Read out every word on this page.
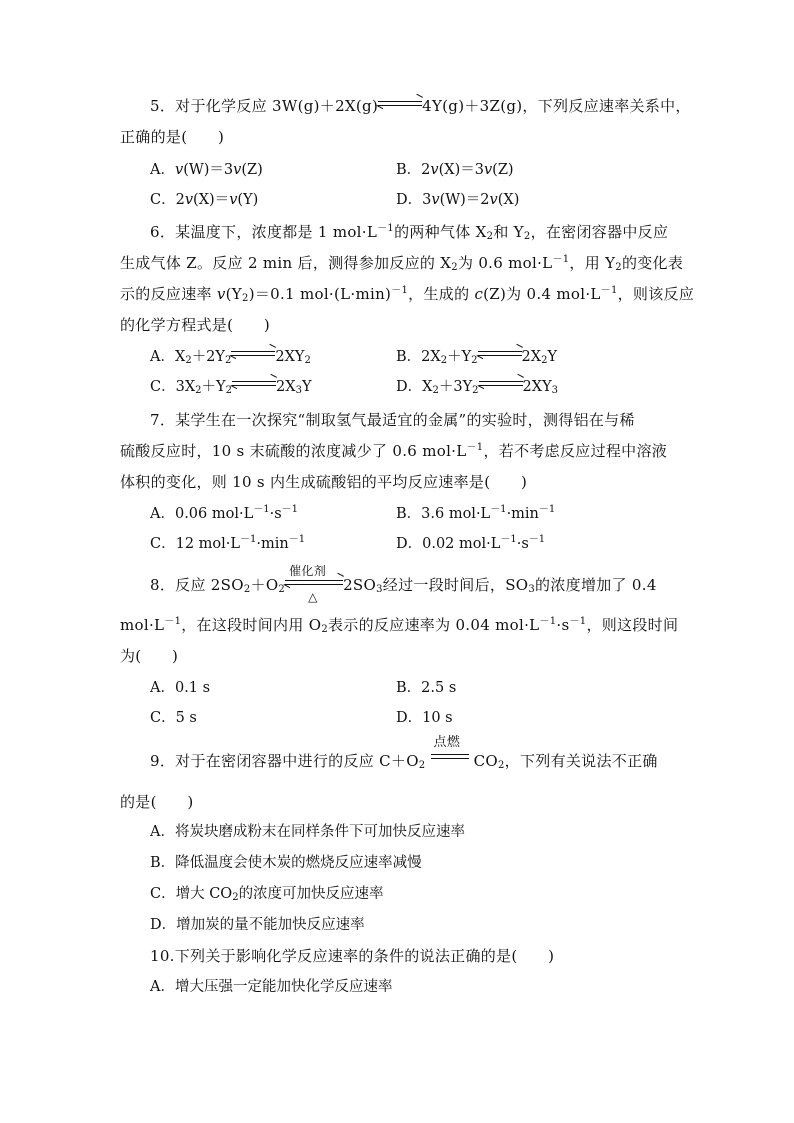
5．对于化学反应 3W(g)＋2X(g)⇌4Y(g)＋3Z(g)，下列反应速率关系中，
正确的是(　　)
A．v(W)＝3v(Z)	B．2v(X)＝3v(Z)
C．2v(X)＝v(Y)	D．3v(W)＝2v(X)
6．某温度下，浓度都是 1 $mol\cdot L^{-1}$的两种气体 $X_2$和 $Y_2$，在密闭容器中反应
生成气体 Z。反应 2 min 后，测得参加反应的 $X_2$为 0.6 $mol\cdot L^{-1}$，用 $Y_2$的变化表
示的反应速率 $v(Y_2)=0.1$ $mol\cdot(L\cdot\min)^{-1}$，生成的 c(Z)为 0.4 $mol\cdot L^{-1}$，则该反应
的化学方程式是(　　)
A．$X_2+2Y_2$ $\rightleftharpoons 2XY_2$	B．$2X_2+Y_2$ $\rightleftharpoons 2X_2Y$
C．$3X_2+Y_2$ $\rightleftharpoons 2X_3Y$	D．$X_2+3Y_2$ $\rightleftharpoons 2XY_3$
7．某学生在一次探究“制取氢气最适宜的金属”的实验时，测得铝在与稀
硫酸反应时，10 s 末硫酸的浓度减少了 0.6 $mol\cdot L^{-1}$，若不考虑反应过程中溶液
体积的变化，则 10 s 内生成硫酸铝的平均反应速率是(　　)
A．0.06 $mol\cdot L^{-1}\cdot s^{-1}$	B．3.6 $mol\cdot L^{-1}\cdot\min^{-1}$
C．12 $mol\cdot L^{-1}\cdot\min^{-1}$	D．0.02 $mol\cdot L^{-1}\cdot s^{-1}$
8．反应 $2SO_2+O_2$
催化剂
△
$2SO_3$经过一段时间后，$SO_3$的浓度增加了 0.4
$mol\cdot L^{-1}$，在这段时间内用 $O_2$表示的反应速率为 0.04 $mol\cdot L^{-1}\cdot s^{-1}$，则这段时间
为(　　)
A．0.1 s	B．2.5 s
C．5 s	D．10 s
9．对于在密闭容器中进行的反应 $C+O_2$
点燃
$CO_2$，下列有关说法不正确
的是(　　)
A．将炭块磨成粉末在同样条件下可加快反应速率
B．降低温度会使木炭的燃烧反应速率减慢
C．增大 $CO_2$的浓度可加快反应速率
D．增加炭的量不能加快反应速率
10.下列关于影响化学反应速率的条件的说法正确的是(　　)
A．增大压强一定能加快化学反应速率
